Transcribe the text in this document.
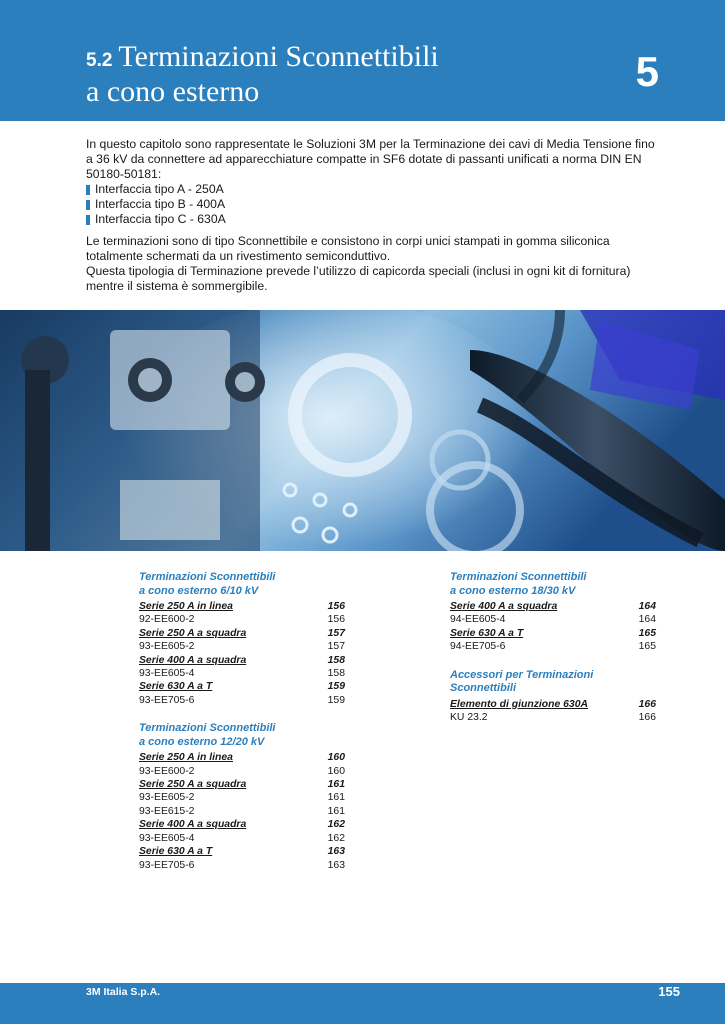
5.2 Terminazioni Sconnettibili
a cono esterno	5

In questo capitolo sono rappresentate le Soluzioni 3M per la Terminazione dei cavi di Media Tensione fino a 36 kV da connettere ad apparecchiature compatte in SF6 dotate di passanti unificati a norma DIN EN 50180-50181:

Interfaccia tipo A - 250A
Interfaccia tipo B - 400A
Interfaccia tipo C - 630A

Le terminazioni sono di tipo Sconnettibile e consistono in corpi unici stampati in gomma siliconica totalmente schermati da un rivestimento semiconduttivo.

Questa tipologia di Terminazione prevede l’utilizzo di capicorda speciali (inclusi in ogni kit di fornitura) mentre il sistema è sommergibile.

Terminazioni Sconnettibili
a cono esterno 6/10 kV
Serie 250 A in linea	156
92-EE600-2	156
Serie 250 A a squadra	157
93-EE605-2	157
Serie 400 A a squadra	158
93-EE605-4	158
Serie 630 A a T	159
93-EE705-6	159
Terminazioni Sconnettibili
a cono esterno 12/20 kV
Serie 250 A in linea	160
93-EE600-2	160
Serie 250 A a squadra	161
93-EE605-2	161
93-EE615-2	161
Serie 400 A a squadra	162
93-EE605-4	162
Serie 630 A a T	163
93-EE705-6	163
Terminazioni Sconnettibili
a cono esterno 18/30 kV
Serie 400 A a squadra	164
94-EE605-4	164
Serie 630 A a T	165
94-EE705-6	165
Accessori per Terminazioni
Sconnettibili
Elemento di giunzione 630A	166
KU 23.2	166
3M Italia S.p.A.	155
